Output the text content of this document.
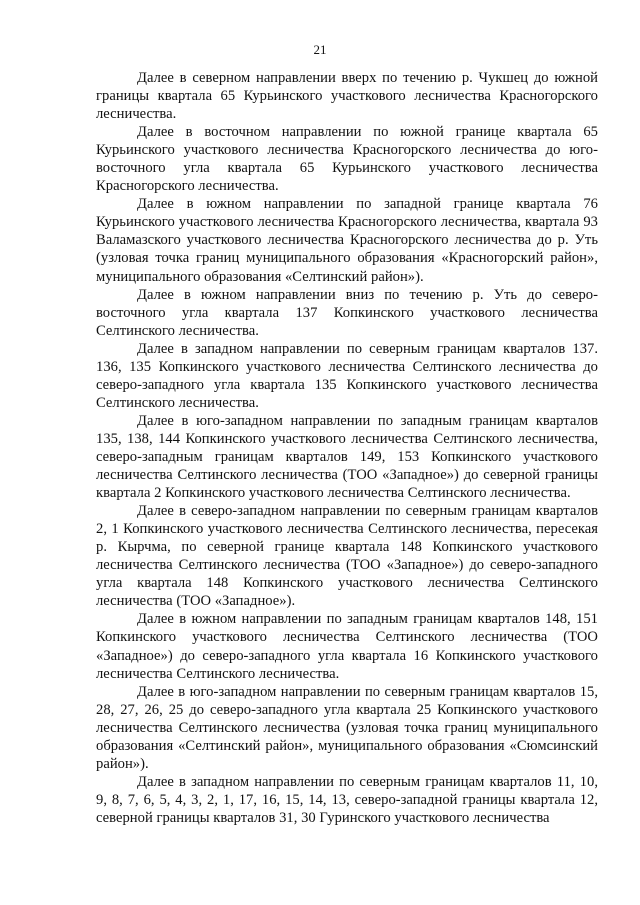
21

Далее в северном направлении вверх по течению р. Чукшец до южной границы квартала 65 Курьинского участкового лесничества Красногорского лесничества.

Далее в восточном направлении по южной границе квартала 65 Курьинского участкового лесничества Красногорского лесничества до юго-восточного угла квартала 65 Курьинского участкового лесничества Красногорского лесничества.

Далее в южном направлении по западной границе квартала 76 Курьинского участкового лесничества Красногорского лесничества, квартала 93 Валамазского участкового лесничества Красногорского лесничества до р. Уть (узловая точка границ муниципального образования «Красногорский район», муниципального образования «Селтинский район»).

Далее в южном направлении вниз по течению р. Уть до северо-восточного угла квартала 137 Копкинского участкового лесничества Селтинского лесничества.

Далее в западном направлении по северным границам кварталов 137. 136, 135 Копкинского участкового лесничества Селтинского лесничества до северо-западного угла квартала 135 Копкинского участкового лесничества Селтинского лесничества.

Далее в юго-западном направлении по западным границам кварталов 135, 138, 144 Копкинского участкового лесничества Селтинского лесничества, северо-западным границам кварталов 149, 153 Копкинского участкового лесничества Селтинского лесничества (ТОО «Западное») до северной границы квартала 2 Копкинского участкового лесничества Селтинского лесничества.

Далее в северо-западном направлении по северным границам кварталов 2, 1 Копкинского участкового лесничества Селтинского лесничества, пересекая р. Кырчма, по северной границе квартала 148 Копкинского участкового лесничества Селтинского лесничества (ТОО «Западное») до северо-западного угла квартала 148 Копкинского участкового лесничества Селтинского лесничества (ТОО «Западное»).

Далее в южном направлении по западным границам кварталов 148, 151 Копкинского участкового лесничества Селтинского лесничества (ТОО «Западное») до северо-западного угла квартала 16 Копкинского участкового лесничества Селтинского лесничества.

Далее в юго-западном направлении по северным границам кварталов 15, 28, 27, 26, 25 до северо-западного угла квартала 25 Копкинского участкового лесничества Селтинского лесничества (узловая точка границ муниципального образования «Селтинский район», муниципального образования «Сюмсинский район»).

Далее в западном направлении по северным границам кварталов 11, 10, 9, 8, 7, 6, 5, 4, 3, 2, 1, 17, 16, 15, 14, 13, северо-западной границы квартала 12, северной границы кварталов 31, 30 Гуринского участкового лесничества
